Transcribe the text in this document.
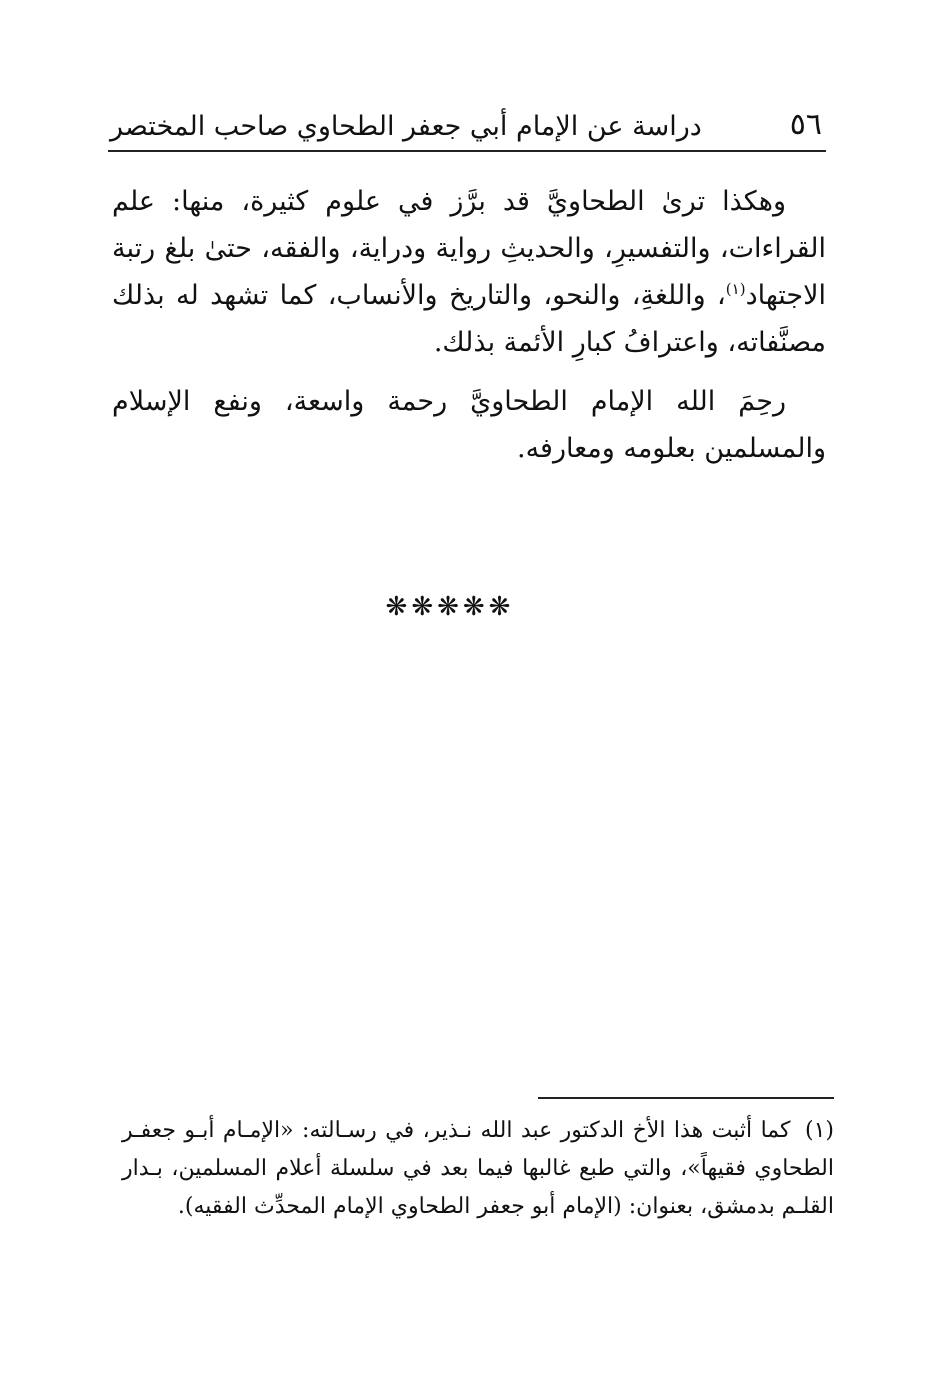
٥٦
دراسة عن الإمام أبي جعفر الطحاوي صاحب المختصر

وهكذا ترىٰ الطحاويَّ قد برَّز في علوم كثيرة، منها: علم القراءات، والتفسيرِ، والحديثِ رواية ودراية، والفقه، حتىٰ بلغ رتبة الاجتهاد$^{(١)}$، واللغةِ، والنحو، والتاريخ والأنساب، كما تشهد له بذلك مصنَّفاته، واعترافُ كبارِ الأئمة بذلك.

رحِمَ الله الإمام الطحاويَّ رحمة واسعة، ونفع الإسلام والمسلمين بعلومه ومعارفه.

❋❋❋❋❋

(١) كما أثبت هذا الأخ الدكتور عبد الله نـذير، في رسـالته: «الإمـام أبـو جعفـر الطحاوي فقيهاً»، والتي طبع غالبها فيما بعد في سلسلة أعلام المسلمين، بـدار القلـم بدمشق، بعنوان: (الإمام أبو جعفر الطحاوي الإمام المحدِّث الفقيه).
